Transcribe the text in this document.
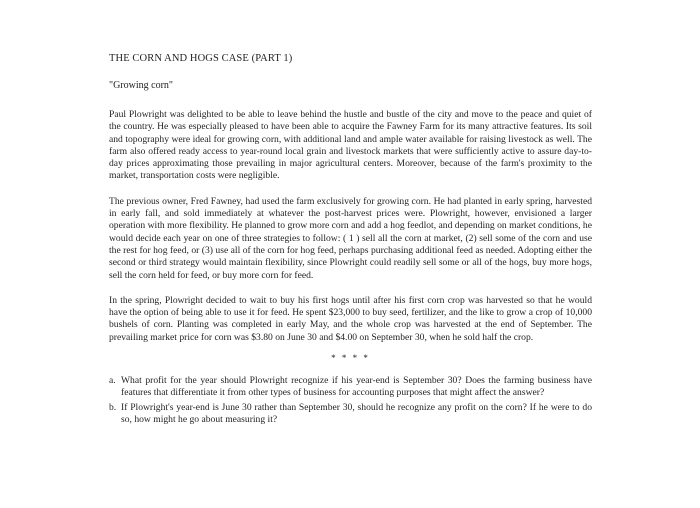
THE CORN AND HOGS CASE (PART 1)
"Growing corn"

Paul Plowright was delighted to be able to leave behind the hustle and bustle of the city and move to the peace and quiet of the country. He was especially pleased to have been able to acquire the Fawney Farm for its many attractive features. Its soil and topography were ideal for growing corn, with additional land and ample water available for raising livestock as well. The farm also offered ready access to year-round local grain and livestock markets that were sufficiently active to assure day-to-day prices approximating those prevailing in major agricultural centers. Moreover, because of the farm's proximity to the market, transportation costs were negligible.

The previous owner, Fred Fawney, had used the farm exclusively for growing corn. He had planted in early spring, harvested in early fall, and sold immediately at whatever the post-harvest prices were. Plowright, however, envisioned a larger operation with more flexibility. He planned to grow more corn and add a hog feedlot, and depending on market conditions, he would decide each year on one of three strategies to follow: ( 1 ) sell all the corn at market, (2) sell some of the corn and use the rest for hog feed, or (3) use all of the corn for hog feed, perhaps purchasing additional feed as needed. Adopting either the second or third strategy would maintain flexibility, since Plowright could readily sell some or all of the hogs, buy more hogs, sell the corn held for feed, or buy more corn for feed.

In the spring, Plowright decided to wait to buy his first hogs until after his first corn crop was harvested so that he would have the option of being able to use it for feed. He spent $23,000 to buy seed, fertilizer, and the like to grow a crop of 10,000 bushels of corn. Planting was completed in early May, and the whole crop was harvested at the end of September. The prevailing market price for corn was $3.80 on June 30 and $4.00 on September 30, when he sold half the crop.

* * * *
a. What profit for the year should Plowright recognize if his year-end is September 30? Does the farming business have features that differentiate it from other types of business for accounting purposes that might affect the answer?
b. If Plowright's year-end is June 30 rather than September 30, should he recognize any profit on the corn? If he were to do so, how might he go about measuring it?
